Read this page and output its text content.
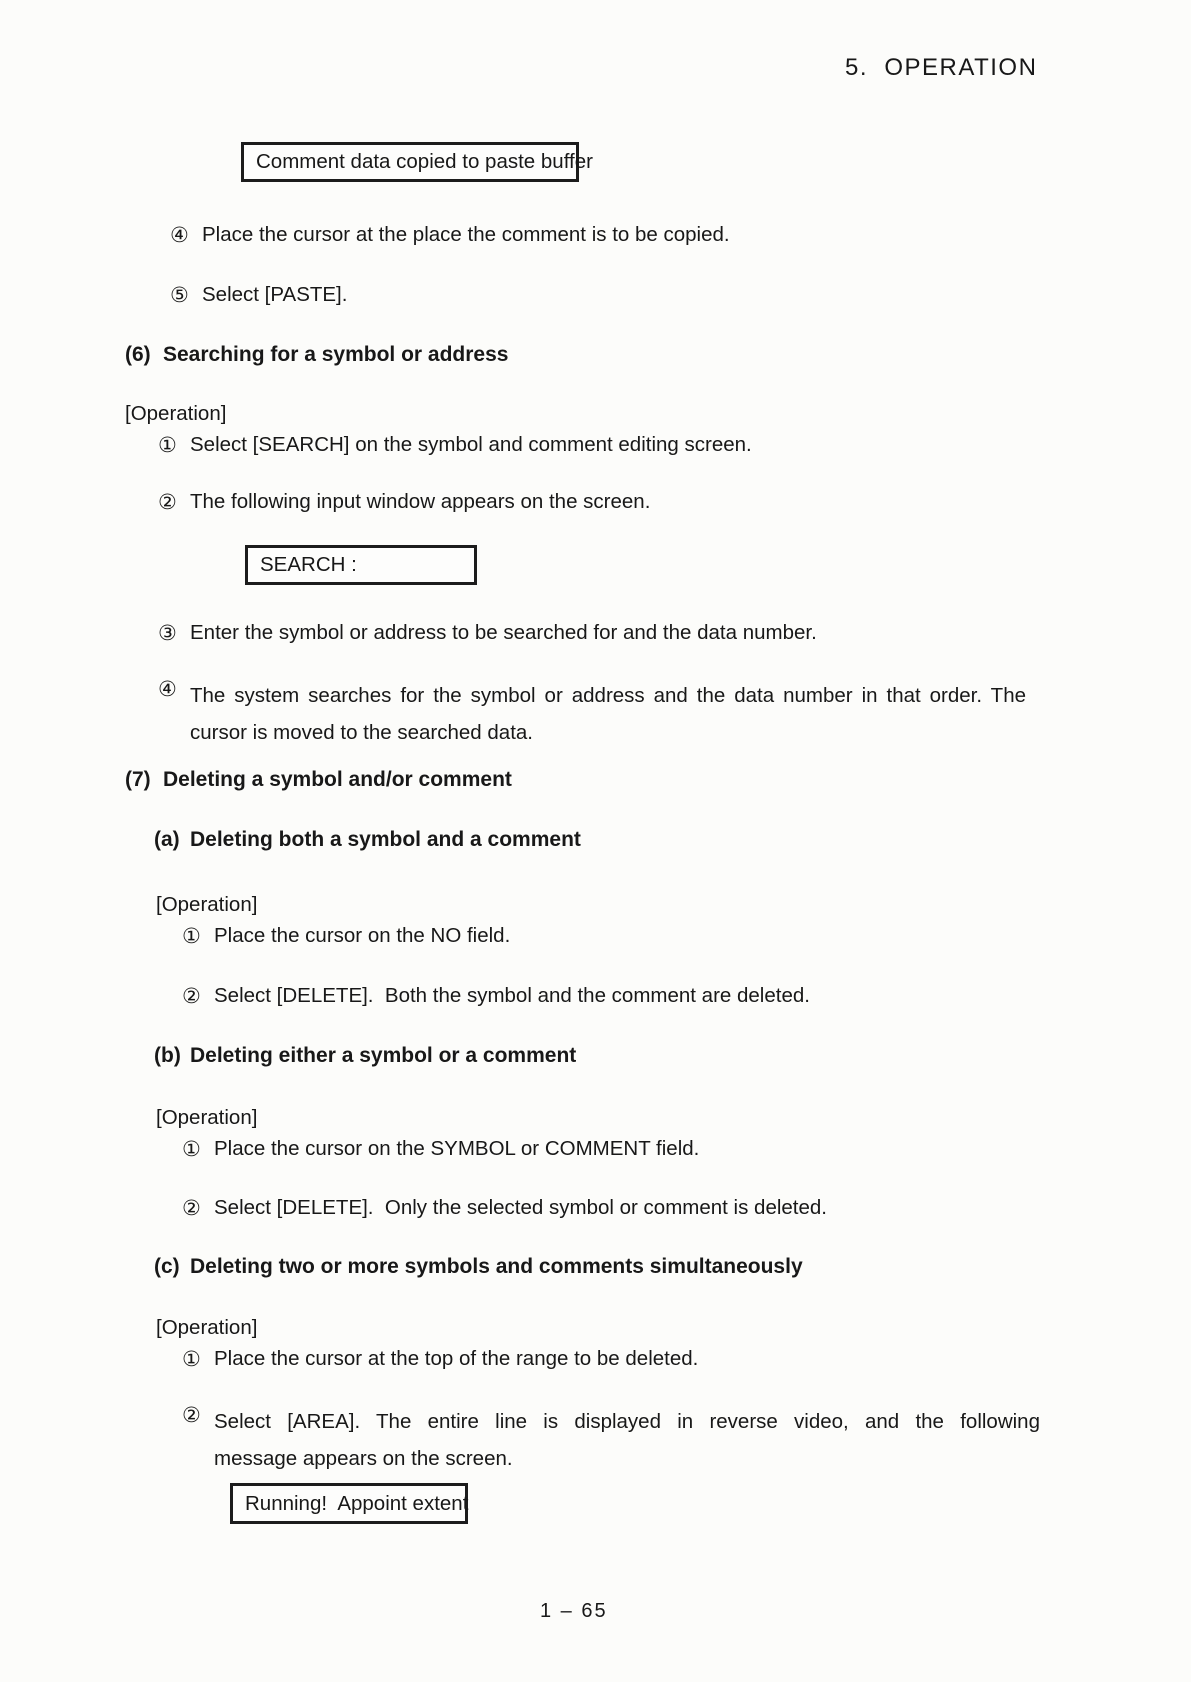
5.  OPERATION
Comment data copied to paste buffer
④ Place the cursor at the place the comment is to be copied.
⑤ Select [PASTE].
(6) Searching for a symbol or address
[Operation]
① Select [SEARCH] on the symbol and comment editing screen.
② The following input window appears on the screen.
SEARCH :
③ Enter the symbol or address to be searched for and the data number.
④ The system searches for the symbol or address and the data number in that order. The
cursor is moved to the searched data.
(7) Deleting a symbol and/or comment
(a) Deleting both a symbol and a comment
[Operation]
① Place the cursor on the NO field.
② Select [DELETE].  Both the symbol and the comment are deleted.
(b) Deleting either a symbol or a comment
[Operation]
① Place the cursor on the SYMBOL or COMMENT field.
② Select [DELETE].  Only the selected symbol or comment is deleted.
(c) Deleting two or more symbols and comments simultaneously
[Operation]
① Place the cursor at the top of the range to be deleted.
② Select [AREA]. The entire line is displayed in reverse video, and the following
message appears on the screen.
Running!  Appoint extent
1 – 65
